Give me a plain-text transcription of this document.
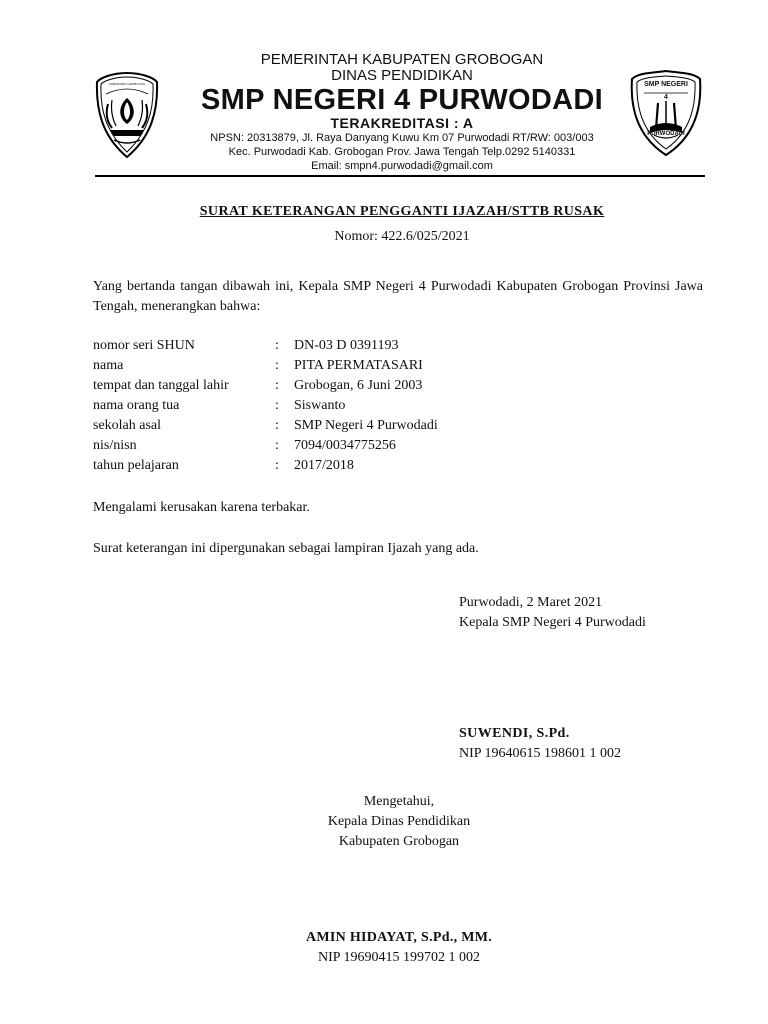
KABUPATEN GROBOGAN	SMP NEGERI
4
PURWODADI
PEMERINTAH KABUPATEN GROBOGAN
DINAS PENDIDIKAN
SMP NEGERI 4 PURWODADI
TERAKREDITASI : A
NPSN: 20313879, Jl. Raya Danyang Kuwu Km 07 Purwodadi RT/RW: 003/003
Kec. Purwodadi Kab. Grobogan Prov. Jawa Tengah Telp.0292 5140331
Email: smpn4.purwodadi@gmail.com
SURAT KETERANGAN PENGGANTI IJAZAH/STTB RUSAK
Nomor: 422.6/025/2021
Yang bertanda tangan dibawah ini, Kepala SMP Negeri 4 Purwodadi Kabupaten Grobogan Provinsi Jawa Tengah, menerangkan bahwa:
nomor seri SHUN	:	DN-03 D 0391193
nama	:	PITA PERMATASARI
tempat dan tanggal lahir	:	Grobogan, 6 Juni 2003
nama orang tua	:	Siswanto
sekolah asal	:	SMP Negeri 4 Purwodadi
nis/nisn	:	7094/0034775256
tahun pelajaran	:	2017/2018
Mengalami kerusakan karena terbakar.
Surat keterangan ini dipergunakan sebagai lampiran Ijazah yang ada.
Purwodadi, 2 Maret 2021
Kepala SMP Negeri 4 Purwodadi
SUWENDI, S.Pd.
NIP 19640615 198601 1 002
Mengetahui,
Kepala Dinas Pendidikan
Kabupaten Grobogan
AMIN HIDAYAT, S.Pd., MM.
NIP 19690415 199702 1 002
